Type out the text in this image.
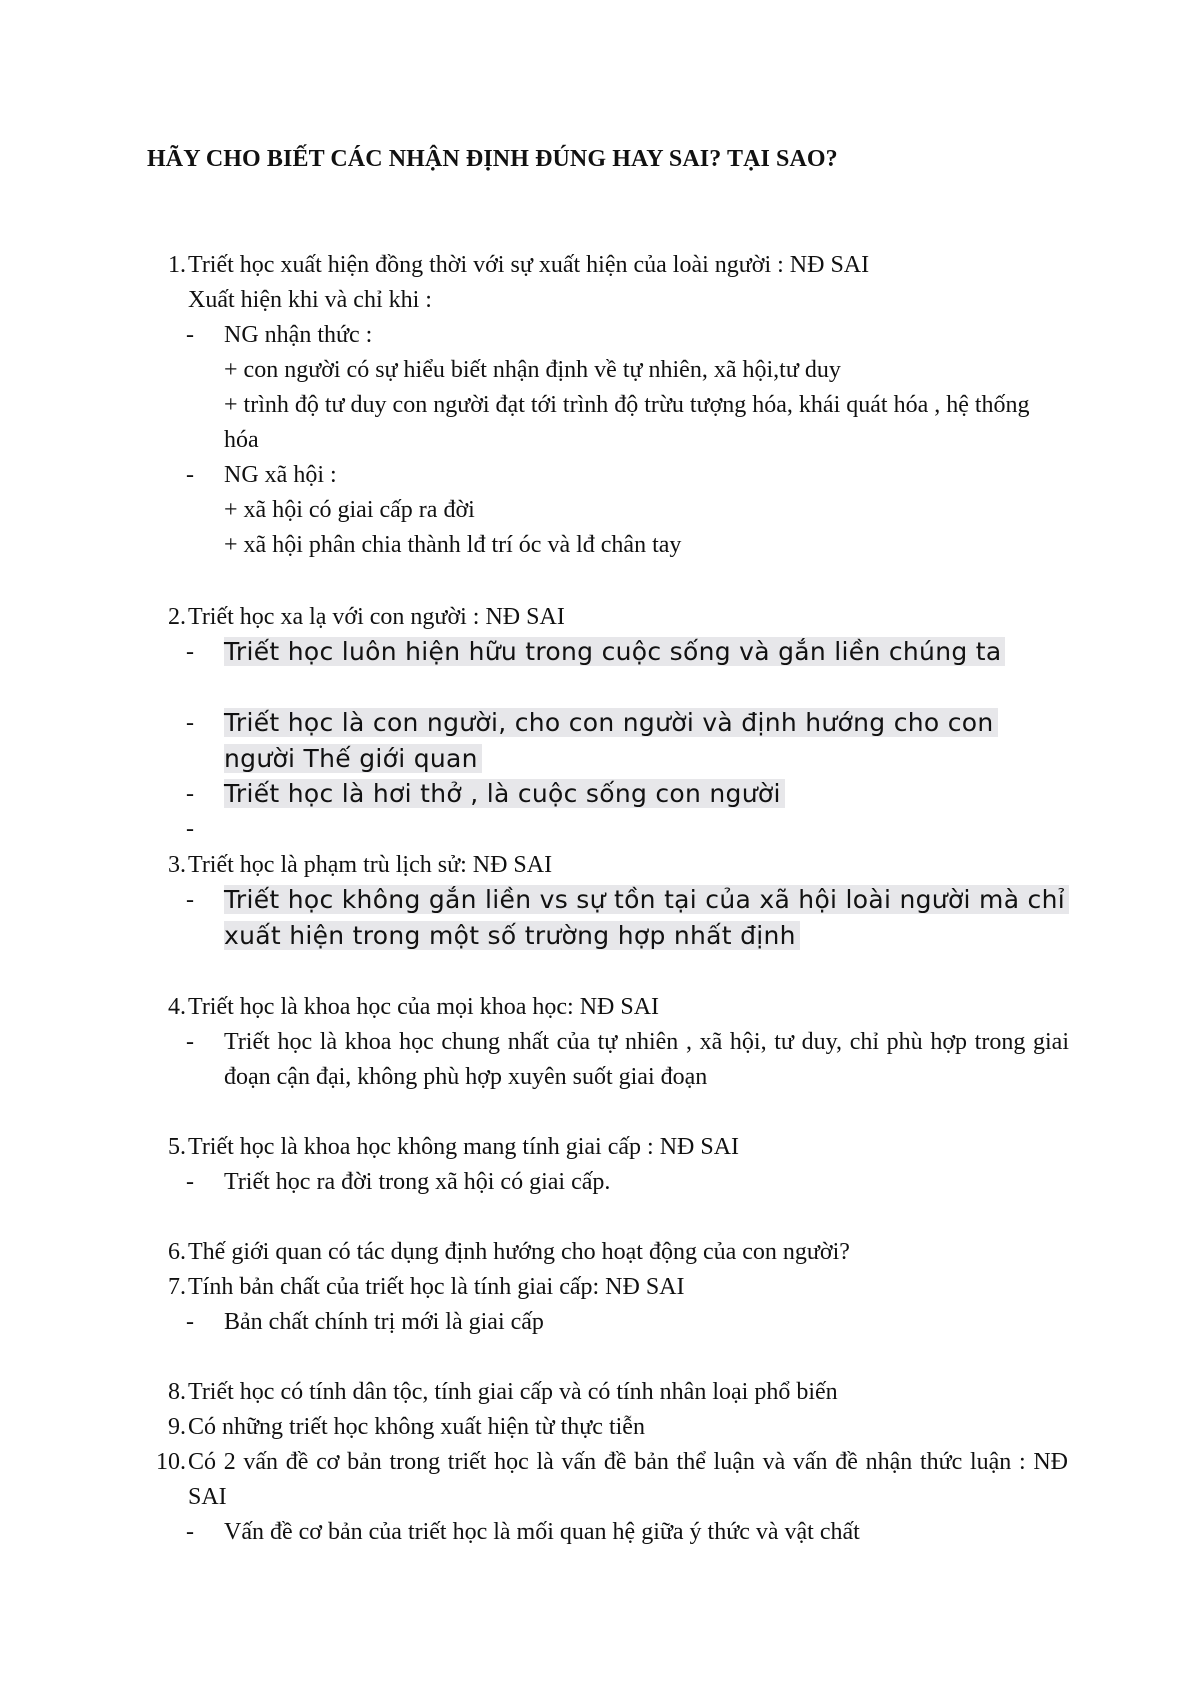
HÃY CHO BIẾT CÁC NHẬN ĐỊNH ĐÚNG HAY SAI? TẠI SAO?
1. Triết học xuất hiện đồng thời với sự xuất hiện của loài người : NĐ SAI
Xuất hiện khi và chỉ khi :
-	NG nhận thức :
+ con người có sự hiểu biết nhận định về tự nhiên, xã hội,tư duy
+ trình độ tư duy con người đạt tới trình độ trừu tượng hóa, khái quát hóa , hệ thống hóa
-	NG xã hội :
+ xã hội có giai cấp ra đời
+ xã hội phân chia thành lđ trí óc và lđ chân tay
2. Triết học xa lạ với con người : NĐ SAI
-	Triết học luôn hiện hữu trong cuộc sống và gắn liền chúng ta
-	Triết học là con người, cho con người và định hướng cho con người Thế giới quan
-	Triết học là hơi thở , là cuộc sống con người
-
3. Triết học là phạm trù lịch sử: NĐ SAI
-	Triết học không gắn liền vs sự tồn tại của xã hội loài người mà chỉ xuất hiện trong một số trường hợp nhất định
4. Triết học là khoa học của mọi khoa học: NĐ SAI
-	Triết học là khoa học chung nhất của tự nhiên , xã hội, tư duy, chỉ phù hợp trong giai đoạn cận đại, không phù hợp xuyên suốt giai đoạn
5. Triết học là khoa học không mang tính giai cấp : NĐ SAI
-	Triết học ra đời trong xã hội có giai cấp.
6. Thế giới quan có tác dụng định hướng cho hoạt động của con người?
7. Tính bản chất của triết học là tính giai cấp: NĐ SAI
-	Bản chất chính trị mới là giai cấp
8. Triết học có tính dân tộc, tính giai cấp và có tính nhân loại phổ biến
9. Có những triết học không xuất hiện từ thực tiễn
10. Có 2 vấn đề cơ bản trong triết học là vấn đề bản thể luận và vấn đề nhận thức luận : NĐ SAI
-	Vấn đề cơ bản của triết học là mối quan hệ giữa ý thức và vật chất
